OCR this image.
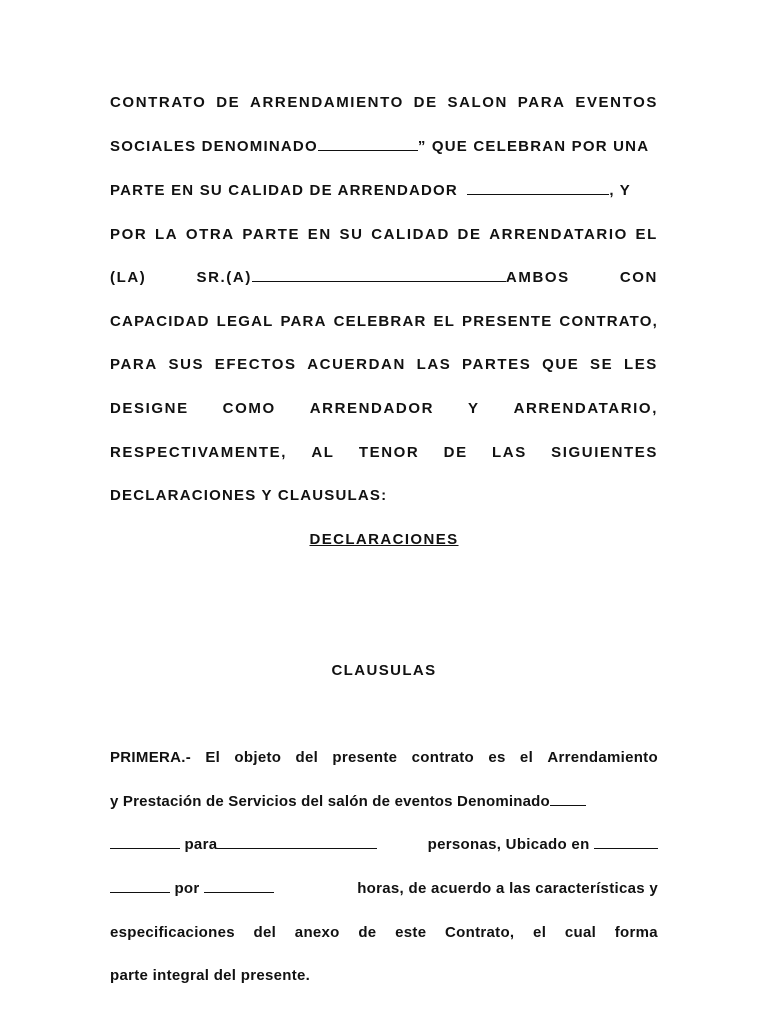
CONTRATO DE ARRENDAMIENTO DE SALON PARA EVENTOS
SOCIALES DENOMINADO	” QUE CELEBRAN POR UNA
PARTE EN SU CALIDAD DE ARRENDADOR	, Y
POR LA OTRA PARTE EN SU CALIDAD DE ARRENDATARIO EL
(LA)	SR.(A)	AMBOS	CON
CAPACIDAD LEGAL PARA CELEBRAR EL PRESENTE CONTRATO,
PARA SUS EFECTOS ACUERDAN LAS PARTES QUE SE LES
DESIGNE COMO ARRENDADOR Y ARRENDATARIO,
RESPECTIVAMENTE, AL TENOR DE LAS SIGUIENTES
DECLARACIONES Y CLAUSULAS:
DECLARACIONES
CLAUSULAS
PRIMERA.- El objeto del presente contrato es el Arrendamiento
y Prestación de Servicios del salón de eventos Denominado
para	personas, Ubicado en
por	horas, de acuerdo a las características y
especificaciones del anexo de este Contrato, el cual forma
parte integral del presente.
